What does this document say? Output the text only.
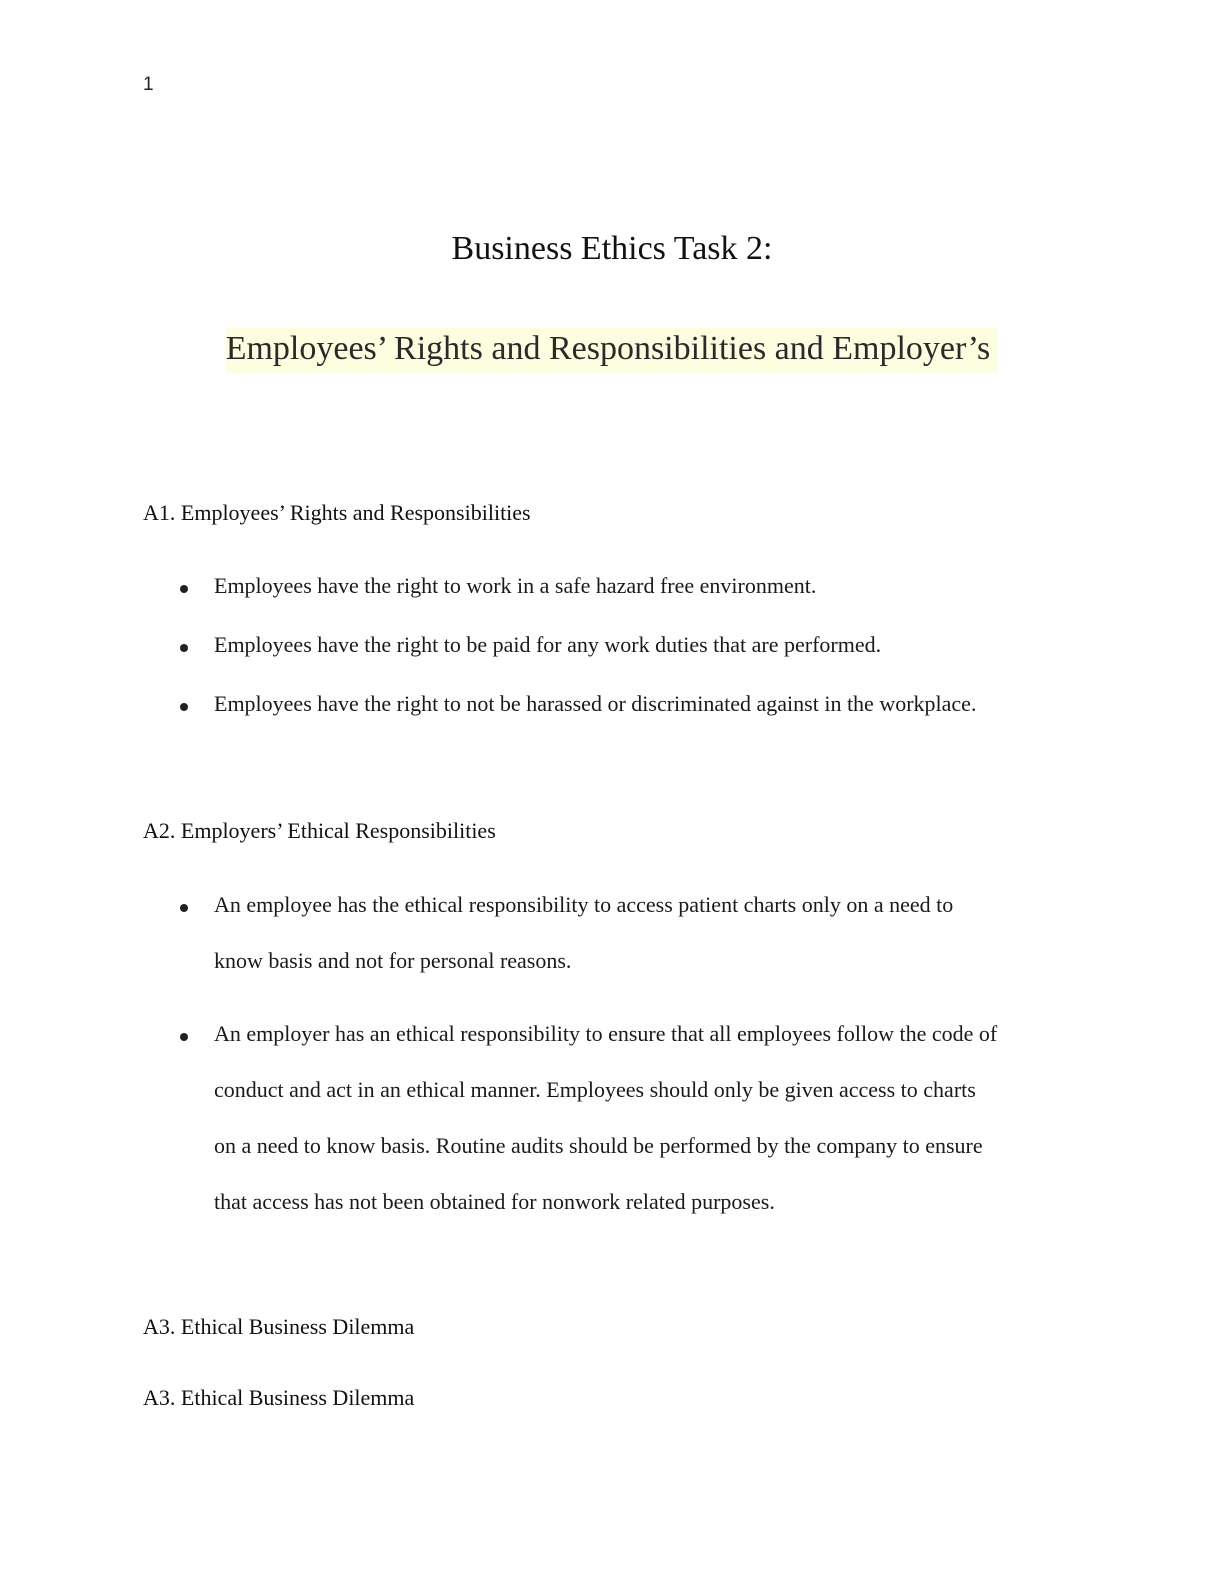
1
Business Ethics Task 2:
Employees’ Rights and Responsibilities and Employer’s
A1. Employees’ Rights and Responsibilities
Employees have the right to work in a safe hazard free environment.
Employees have the right to be paid for any work duties that are performed.
Employees have the right to not be harassed or discriminated against in the workplace.
A2. Employers’ Ethical Responsibilities
An employee has the ethical responsibility to access patient charts only on a need to
know basis and not for personal reasons.
An employer has an ethical responsibility to ensure that all employees follow the code of
conduct and act in an ethical manner. Employees should only be given access to charts
on a need to know basis. Routine audits should be performed by the company to ensure
that access has not been obtained for nonwork related purposes.
A3. Ethical Business Dilemma
A3. Ethical Business Dilemma
